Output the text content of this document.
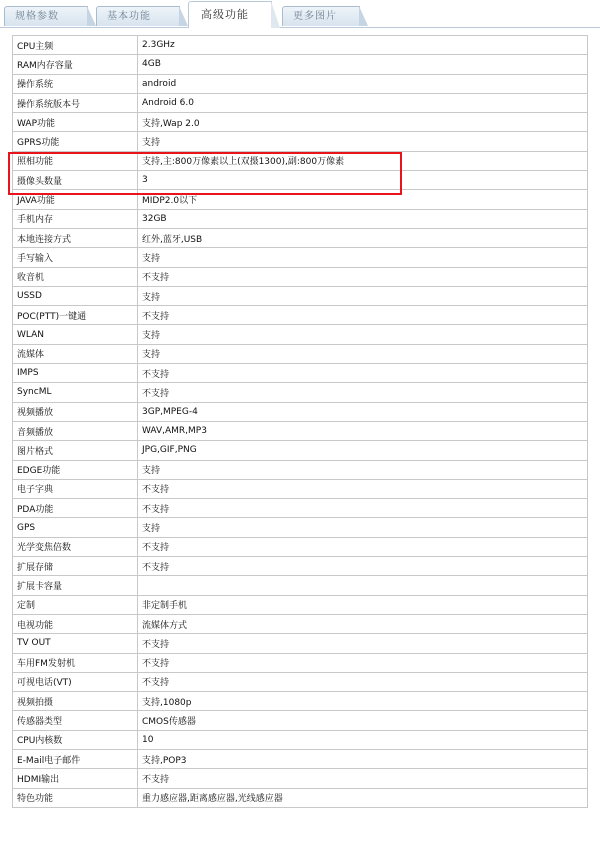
规格参数	基本功能	高级功能	更多图片
CPU主频	2.3GHz
RAM内存容量	4GB
操作系统	android
操作系统版本号	Android 6.0
WAP功能	支持,Wap 2.0
GPRS功能	支持
照相功能	支持,主:800万像素以上(双摄1300),副:800万像素
摄像头数量	3
JAVA功能	MIDP2.0以下
手机内存	32GB
本地连接方式	红外,蓝牙,USB
手写输入	支持
收音机	不支持
USSD	支持
POC(PTT)一键通	不支持
WLAN	支持
流媒体	支持
IMPS	不支持
SyncML	不支持
视频播放	3GP,MPEG-4
音频播放	WAV,AMR,MP3
图片格式	JPG,GIF,PNG
EDGE功能	支持
电子字典	不支持
PDA功能	不支持
GPS	支持
光学变焦倍数	不支持
扩展存储	不支持
扩展卡容量	
定制	非定制手机
电视功能	流媒体方式
TV OUT	不支持
车用FM发射机	不支持
可视电话(VT)	不支持
视频拍摄	支持,1080p
传感器类型	CMOS传感器
CPU内核数	10
E-Mail电子邮件	支持,POP3
HDMI输出	不支持
特色功能	重力感应器,距离感应器,光线感应器
